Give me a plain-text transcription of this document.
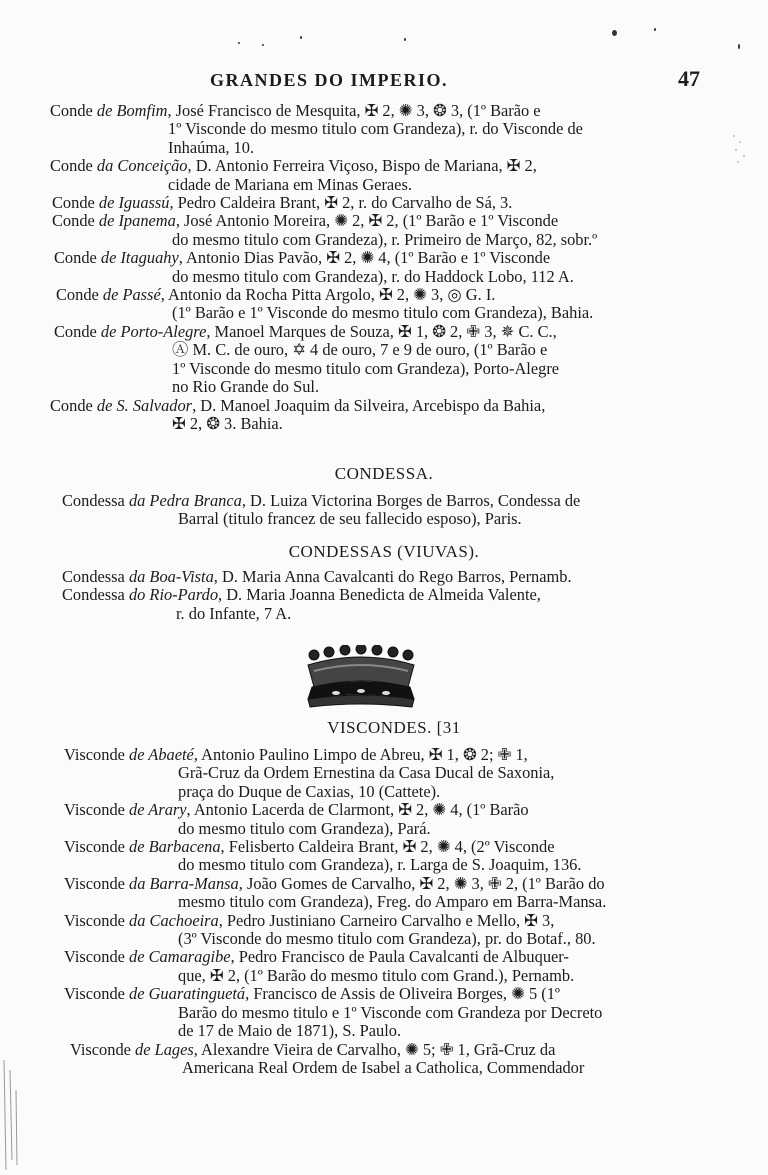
GRANDES DO IMPERIO.	47
Conde de Bomfim, José Francisco de Mesquita, ✠ 2, ✺ 3, ❂ 3, (1º Barão e
1º Visconde do mesmo titulo com Grandeza), r. do Visconde de
Inhaúma, 10.
Conde da Conceição, D. Antonio Ferreira Viçoso, Bispo de Mariana, ✠ 2,
cidade de Mariana em Minas Geraes.
Conde de Iguassú, Pedro Caldeira Brant, ✠ 2, r. do Carvalho de Sá, 3.
Conde de Ipanema, José Antonio Moreira, ✺ 2, ✠ 2, (1º Barão e 1º Visconde
do mesmo titulo com Grandeza), r. Primeiro de Março, 82, sobr.º
Conde de Itaguahy, Antonio Dias Pavão, ✠ 2, ✺ 4, (1º Barão e 1º Visconde
do mesmo titulo com Grandeza), r. do Haddock Lobo, 112 A.
Conde de Passé, Antonio da Rocha Pitta Argolo, ✠ 2, ✺ 3, ◎ G. I.
(1º Barão e 1º Visconde do mesmo titulo com Grandeza), Bahia.
Conde de Porto-Alegre, Manoel Marques de Souza, ✠ 1, ❂ 2, ✙ 3, ✵ C. C.,
Ⓐ M. C. de ouro, ✡ 4 de ouro, 7 e 9 de ouro, (1º Barão e
1º Visconde do mesmo titulo com Grandeza), Porto-Alegre
no Rio Grande do Sul.
Conde de S. Salvador, D. Manoel Joaquim da Silveira, Arcebispo da Bahia,
✠ 2, ❂ 3. Bahia.
CONDESSA.
Condessa da Pedra Branca, D. Luiza Victorina Borges de Barros, Condessa de
Barral (titulo francez de seu fallecido esposo), Paris.
CONDESSAS (VIUVAS).
Condessa da Boa-Vista, D. Maria Anna Cavalcanti do Rego Barros, Pernamb.
Condessa do Rio-Pardo, D. Maria Joanna Benedicta de Almeida Valente,
r. do Infante, 7 A.
VISCONDES. [31
Visconde de Abaeté, Antonio Paulino Limpo de Abreu, ✠ 1, ❂ 2; ✙ 1,
Grã-Cruz da Ordem Ernestina da Casa Ducal de Saxonia,
praça do Duque de Caxias, 10 (Cattete).
Visconde de Arary, Antonio Lacerda de Clarmont, ✠ 2, ✺ 4, (1º Barão
do mesmo titulo com Grandeza), Pará.
Visconde de Barbacena, Felisberto Caldeira Brant, ✠ 2, ✺ 4, (2º Visconde
do mesmo titulo com Grandeza), r. Larga de S. Joaquim, 136.
Visconde da Barra-Mansa, João Gomes de Carvalho, ✠ 2, ✺ 3, ✙ 2, (1º Barão do
mesmo titulo com Grandeza), Freg. do Amparo em Barra-Mansa.
Visconde da Cachoeira, Pedro Justiniano Carneiro Carvalho e Mello, ✠ 3,
(3º Visconde do mesmo titulo com Grandeza), pr. do Botaf., 80.
Visconde de Camaragibe, Pedro Francisco de Paula Cavalcanti de Albuquer-
que, ✠ 2, (1º Barão do mesmo titulo com Grand.), Pernamb.
Visconde de Guaratinguetá, Francisco de Assis de Oliveira Borges, ✺ 5 (1º
Barão do mesmo titulo e 1º Visconde com Grandeza por Decreto
de 17 de Maio de 1871), S. Paulo.
Visconde de Lages, Alexandre Vieira de Carvalho, ✺ 5; ✙ 1, Grã-Cruz da
Americana Real Ordem de Isabel a Catholica, Commendador
